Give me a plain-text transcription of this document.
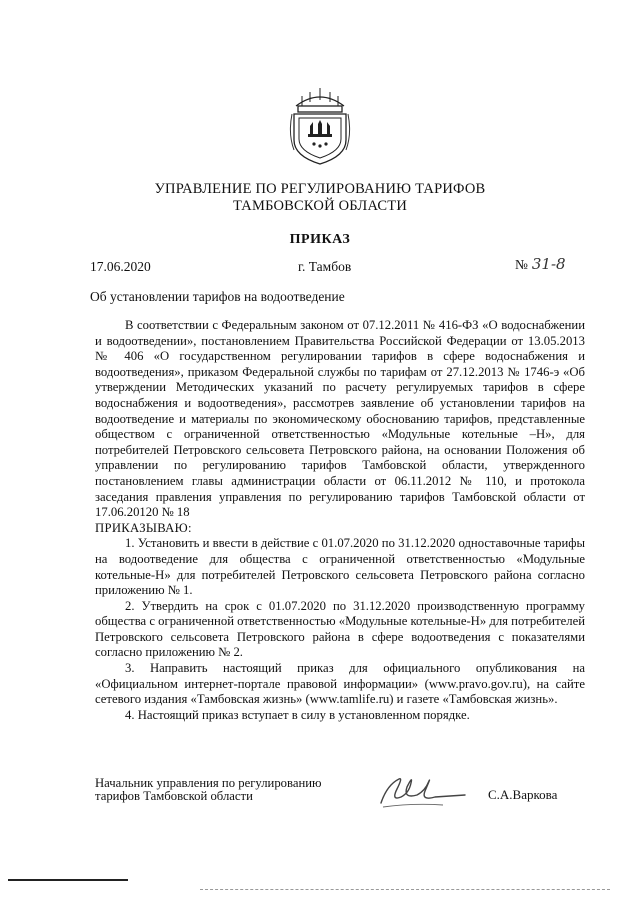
УПРАВЛЕНИЕ ПО РЕГУЛИРОВАНИЮ ТАРИФОВ
ТАМБОВСКОЙ ОБЛАСТИ
ПРИКАЗ
17.06.2020	г. Тамбов	№ 31-8
Об установлении тарифов на водоотведение

В соответствии с Федеральным законом от 07.12.2011 № 416-ФЗ «О водоснабжении и водоотведении», постановлением Правительства Российской Федерации от 13.05.2013 № 406 «О государственном регулировании тарифов в сфере водоснабжения и водоотведения», приказом Федеральной службы по тарифам от 27.12.2013 № 1746-э «Об утверждении Методических указаний по расчету регулируемых тарифов в сфере водоснабжения и водоотведения», рассмотрев заявление об установлении тарифов на водоотведение и материалы по экономическому обоснованию тарифов, представленные обществом с ограниченной ответственностью «Модульные котельные –Н», для потребителей Петровского сельсовета Петровского района, на основании Положения об управлении по регулированию тарифов Тамбовской области, утвержденного постановлением главы администрации области от 06.11.2012 № 110, и протокола заседания правления управления по регулированию тарифов Тамбовской области от 17.06.20120 № 18

ПРИКАЗЫВАЮ:

1. Установить и ввести в действие с 01.07.2020 по 31.12.2020 одноставочные тарифы на водоотведение для общества с ограниченной ответственностью «Модульные котельные-Н» для потребителей Петровского сельсовета Петровского района согласно приложению № 1.

2. Утвердить на срок с 01.07.2020 по 31.12.2020 производственную программу общества с ограниченной ответственностью «Модульные котельные-Н» для потребителей Петровского сельсовета Петровского района в сфере водоотведения с показателями согласно приложению № 2.

3. Направить настоящий приказ для официального опубликования на «Официальном интернет-портале правовой информации» (www.pravo.gov.ru), на сайте сетевого издания «Тамбовская жизнь» (www.tamlife.ru) и газете «Тамбовская жизнь».

4. Настоящий приказ вступает в силу в установленном порядке.

Начальник управления по регулированию
тарифов Тамбовской области	С.А.Варкова
